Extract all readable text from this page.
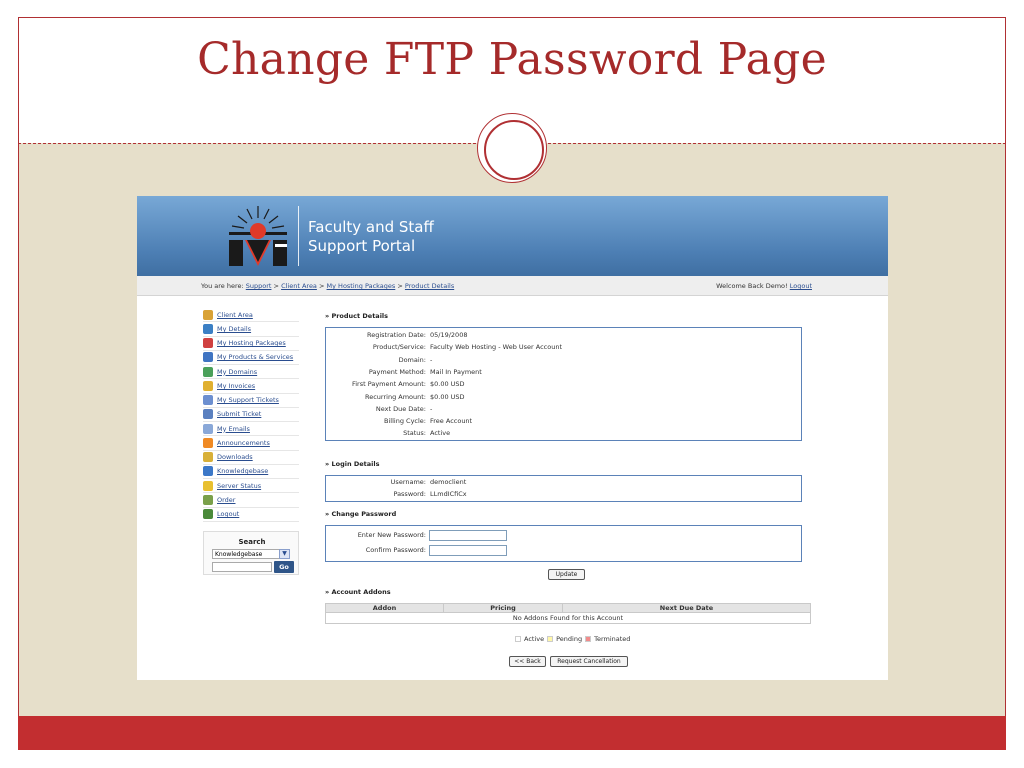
Change FTP Password Page
Faculty and Staff
Support Portal
You are here: Support > Client Area > My Hosting Packages > Product Details	Welcome Back Demo! Logout
Client Area
My Details
My Hosting Packages
My Products & Services
My Domains
My Invoices
My Support Tickets
Submit Ticket
My Emails
Announcements
Downloads
Knowledgebase
Server Status
Order
Logout
Search
Knowledgebase	▼
Go
» Product Details
Registration Date: 05/19/2008
Product/Service: Faculty Web Hosting - Web User Account
Domain: -
Payment Method: Mail In Payment
First Payment Amount: $0.00 USD
Recurring Amount: $0.00 USD
Next Due Date: -
Billing Cycle: Free Account
Status: Active
» Login Details
Username: democlient
Password: LLmdICfiCx
» Change Password
Enter New Password:
Confirm Password:
Update
» Account Addons
Addon	Pricing	Next Due Date
No Addons Found for this Account
Active Pending Terminated
<< Back	Request Cancellation
